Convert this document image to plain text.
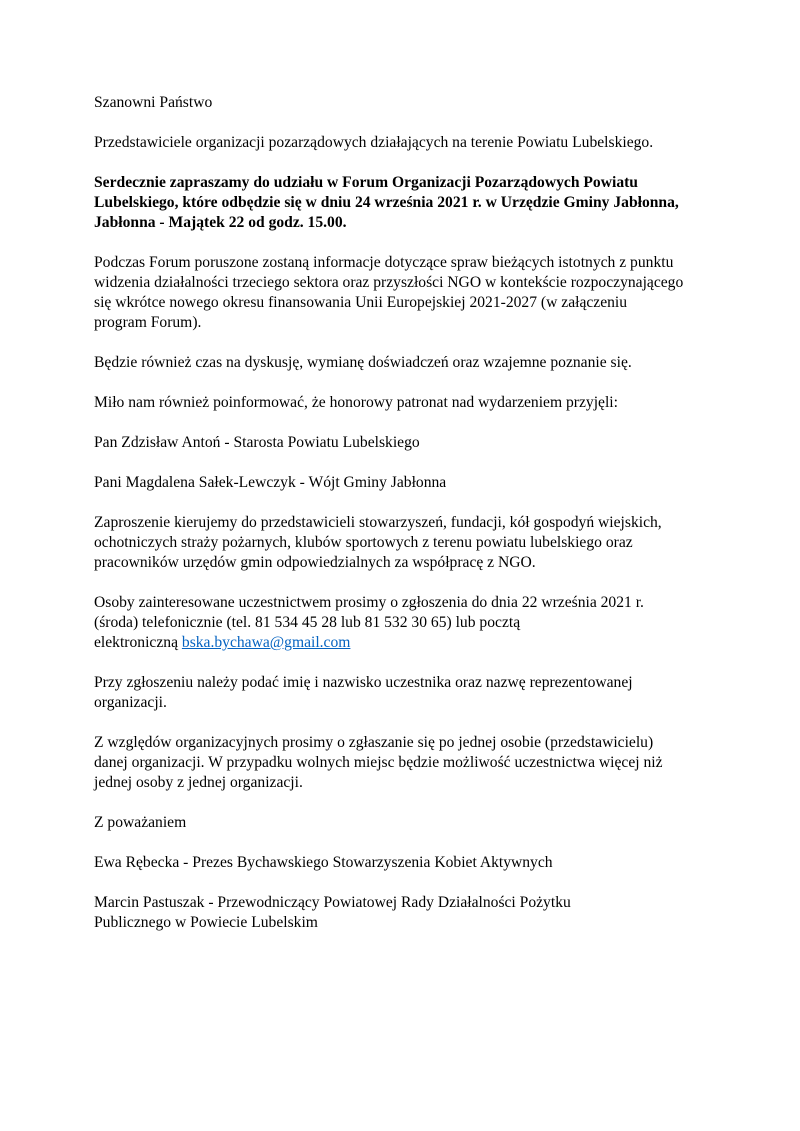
Szanowni Państwo

Przedstawiciele organizacji pozarządowych działających na terenie Powiatu Lubelskiego.

Serdecznie zapraszamy do udziału w Forum Organizacji Pozarządowych Powiatu
Lubelskiego, które odbędzie się w dniu 24 września 2021 r. w Urzędzie Gminy Jabłonna,
Jabłonna - Majątek 22 od godz. 15.00.

Podczas Forum poruszone zostaną informacje dotyczące spraw bieżących istotnych z punktu
widzenia działalności trzeciego sektora oraz przyszłości NGO w kontekście rozpoczynającego
się wkrótce nowego okresu finansowania Unii Europejskiej 2021-2027 (w załączeniu
program Forum).

Będzie również czas na dyskusję, wymianę doświadczeń oraz wzajemne poznanie się.

Miło nam również poinformować, że honorowy patronat nad wydarzeniem przyjęli:

Pan Zdzisław Antoń - Starosta Powiatu Lubelskiego

Pani Magdalena Sałek-Lewczyk - Wójt Gminy Jabłonna

Zaproszenie kierujemy do przedstawicieli stowarzyszeń, fundacji, kół gospodyń wiejskich,
ochotniczych straży pożarnych, klubów sportowych z terenu powiatu lubelskiego oraz
pracowników urzędów gmin odpowiedzialnych za współpracę z NGO.

Osoby zainteresowane uczestnictwem prosimy o zgłoszenia do dnia 22 września 2021 r.
(środa) telefonicznie (tel. 81 534 45 28 lub 81 532 30 65) lub pocztą
elektroniczną bska.bychawa@gmail.com

Przy zgłoszeniu należy podać imię i nazwisko uczestnika oraz nazwę reprezentowanej
organizacji.

Z względów organizacyjnych prosimy o zgłaszanie się po jednej osobie (przedstawicielu)
danej organizacji. W przypadku wolnych miejsc będzie możliwość uczestnictwa więcej niż
jednej osoby z jednej organizacji.

Z poważaniem

Ewa Rębecka - Prezes Bychawskiego Stowarzyszenia Kobiet Aktywnych

Marcin Pastuszak - Przewodniczący Powiatowej Rady Działalności Pożytku
Publicznego w Powiecie Lubelskim
